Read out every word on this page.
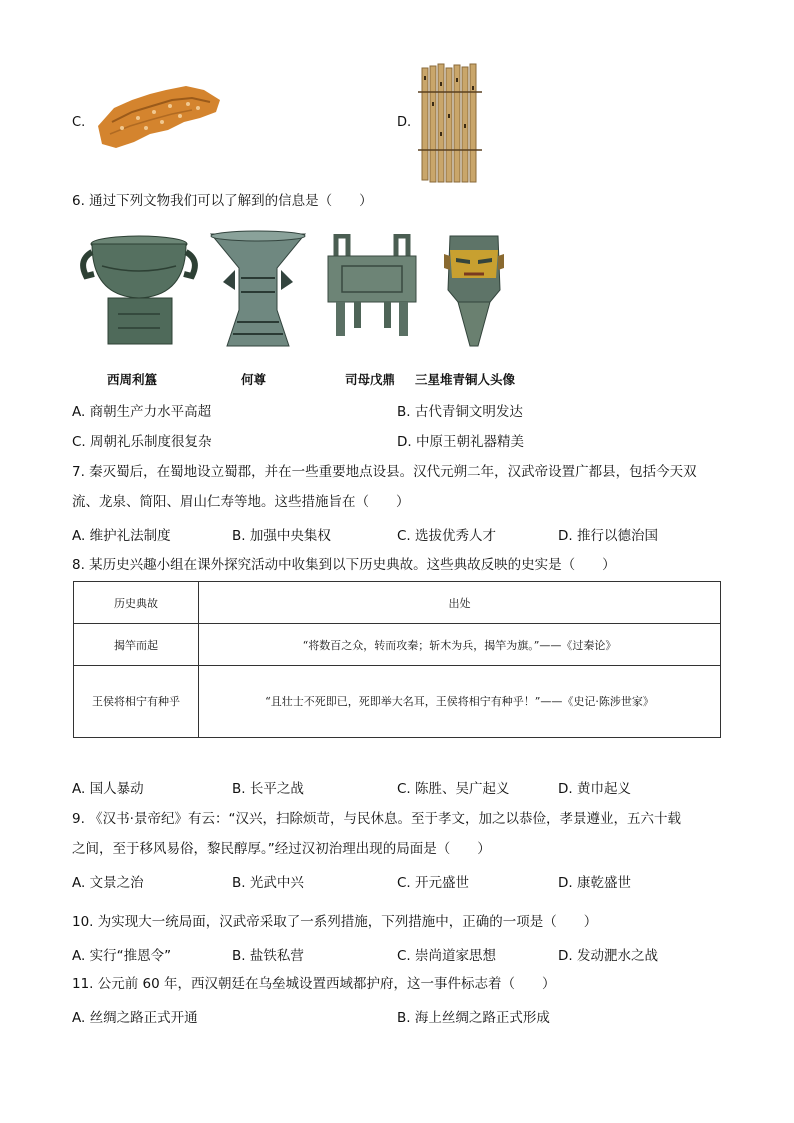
C.	D.
6. 通过下列文物我们可以了解到的信息是（　　）
西周利簋	何尊	司母戊鼎 三星堆青铜人头像
A. 商朝生产力水平高超	B. 古代青铜文明发达
C. 周朝礼乐制度很复杂	D. 中原王朝礼器精美
7. 秦灭蜀后，在蜀地设立蜀郡，并在一些重要地点设县。汉代元朔二年，汉武帝设置广都县，包括今天双
流、龙泉、简阳、眉山仁寿等地。这些措施旨在（　　）
A. 维护礼法制度	B. 加强中央集权	C. 选拔优秀人才	D. 推行以德治国
8. 某历史兴趣小组在课外探究活动中收集到以下历史典故。这些典故反映的史实是（　　）
历史典故	出处
揭竿而起	“将数百之众，转而攻秦；斩木为兵，揭竿为旗。”——《过秦论》
王侯将相宁有种乎	“且壮士不死即已，死即举大名耳，王侯将相宁有种乎！”——《史记·陈涉世家》
A. 国人暴动	B. 长平之战	C. 陈胜、吴广起义	D. 黄巾起义
9. 《汉书·景帝纪》有云：“汉兴，扫除烦苛，与民休息。至于孝文，加之以恭俭，孝景遵业，五六十载
之间，至于移风易俗，黎民醇厚。”经过汉初治理出现的局面是（　　）
A. 文景之治	B. 光武中兴	C. 开元盛世	D. 康乾盛世
10. 为实现大一统局面，汉武帝采取了一系列措施，下列措施中，正确的一项是（　　）
A. 实行“推恩令”	B. 盐铁私营	C. 崇尚道家思想	D. 发动淝水之战
11. 公元前 60 年，西汉朝廷在乌垒城设置西域都护府，这一事件标志着（　　）
A. 丝绸之路正式开通	B. 海上丝绸之路正式形成
